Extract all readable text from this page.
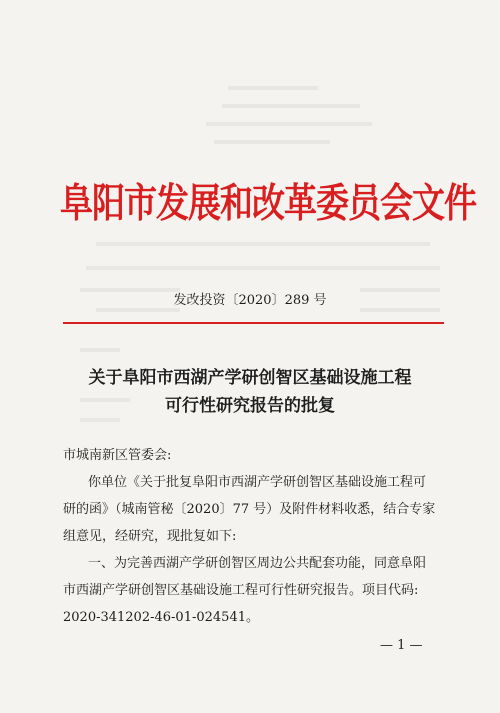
阜阳市发展和改革委员会文件
发改投资〔2020〕289 号
关于阜阳市西湖产学研创智区基础设施工程
可行性研究报告的批复
市城南新区管委会:
你单位《关于批复阜阳市西湖产学研创智区基础设施工程可
研的函》（城南管秘〔2020〕77 号）及附件材料收悉，结合专家
组意见，经研究，现批复如下:
一、为完善西湖产学研创智区周边公共配套功能，同意阜阳
市西湖产学研创智区基础设施工程可行性研究报告。项目代码:
2020-341202-46-01-024541。
— 1 —
